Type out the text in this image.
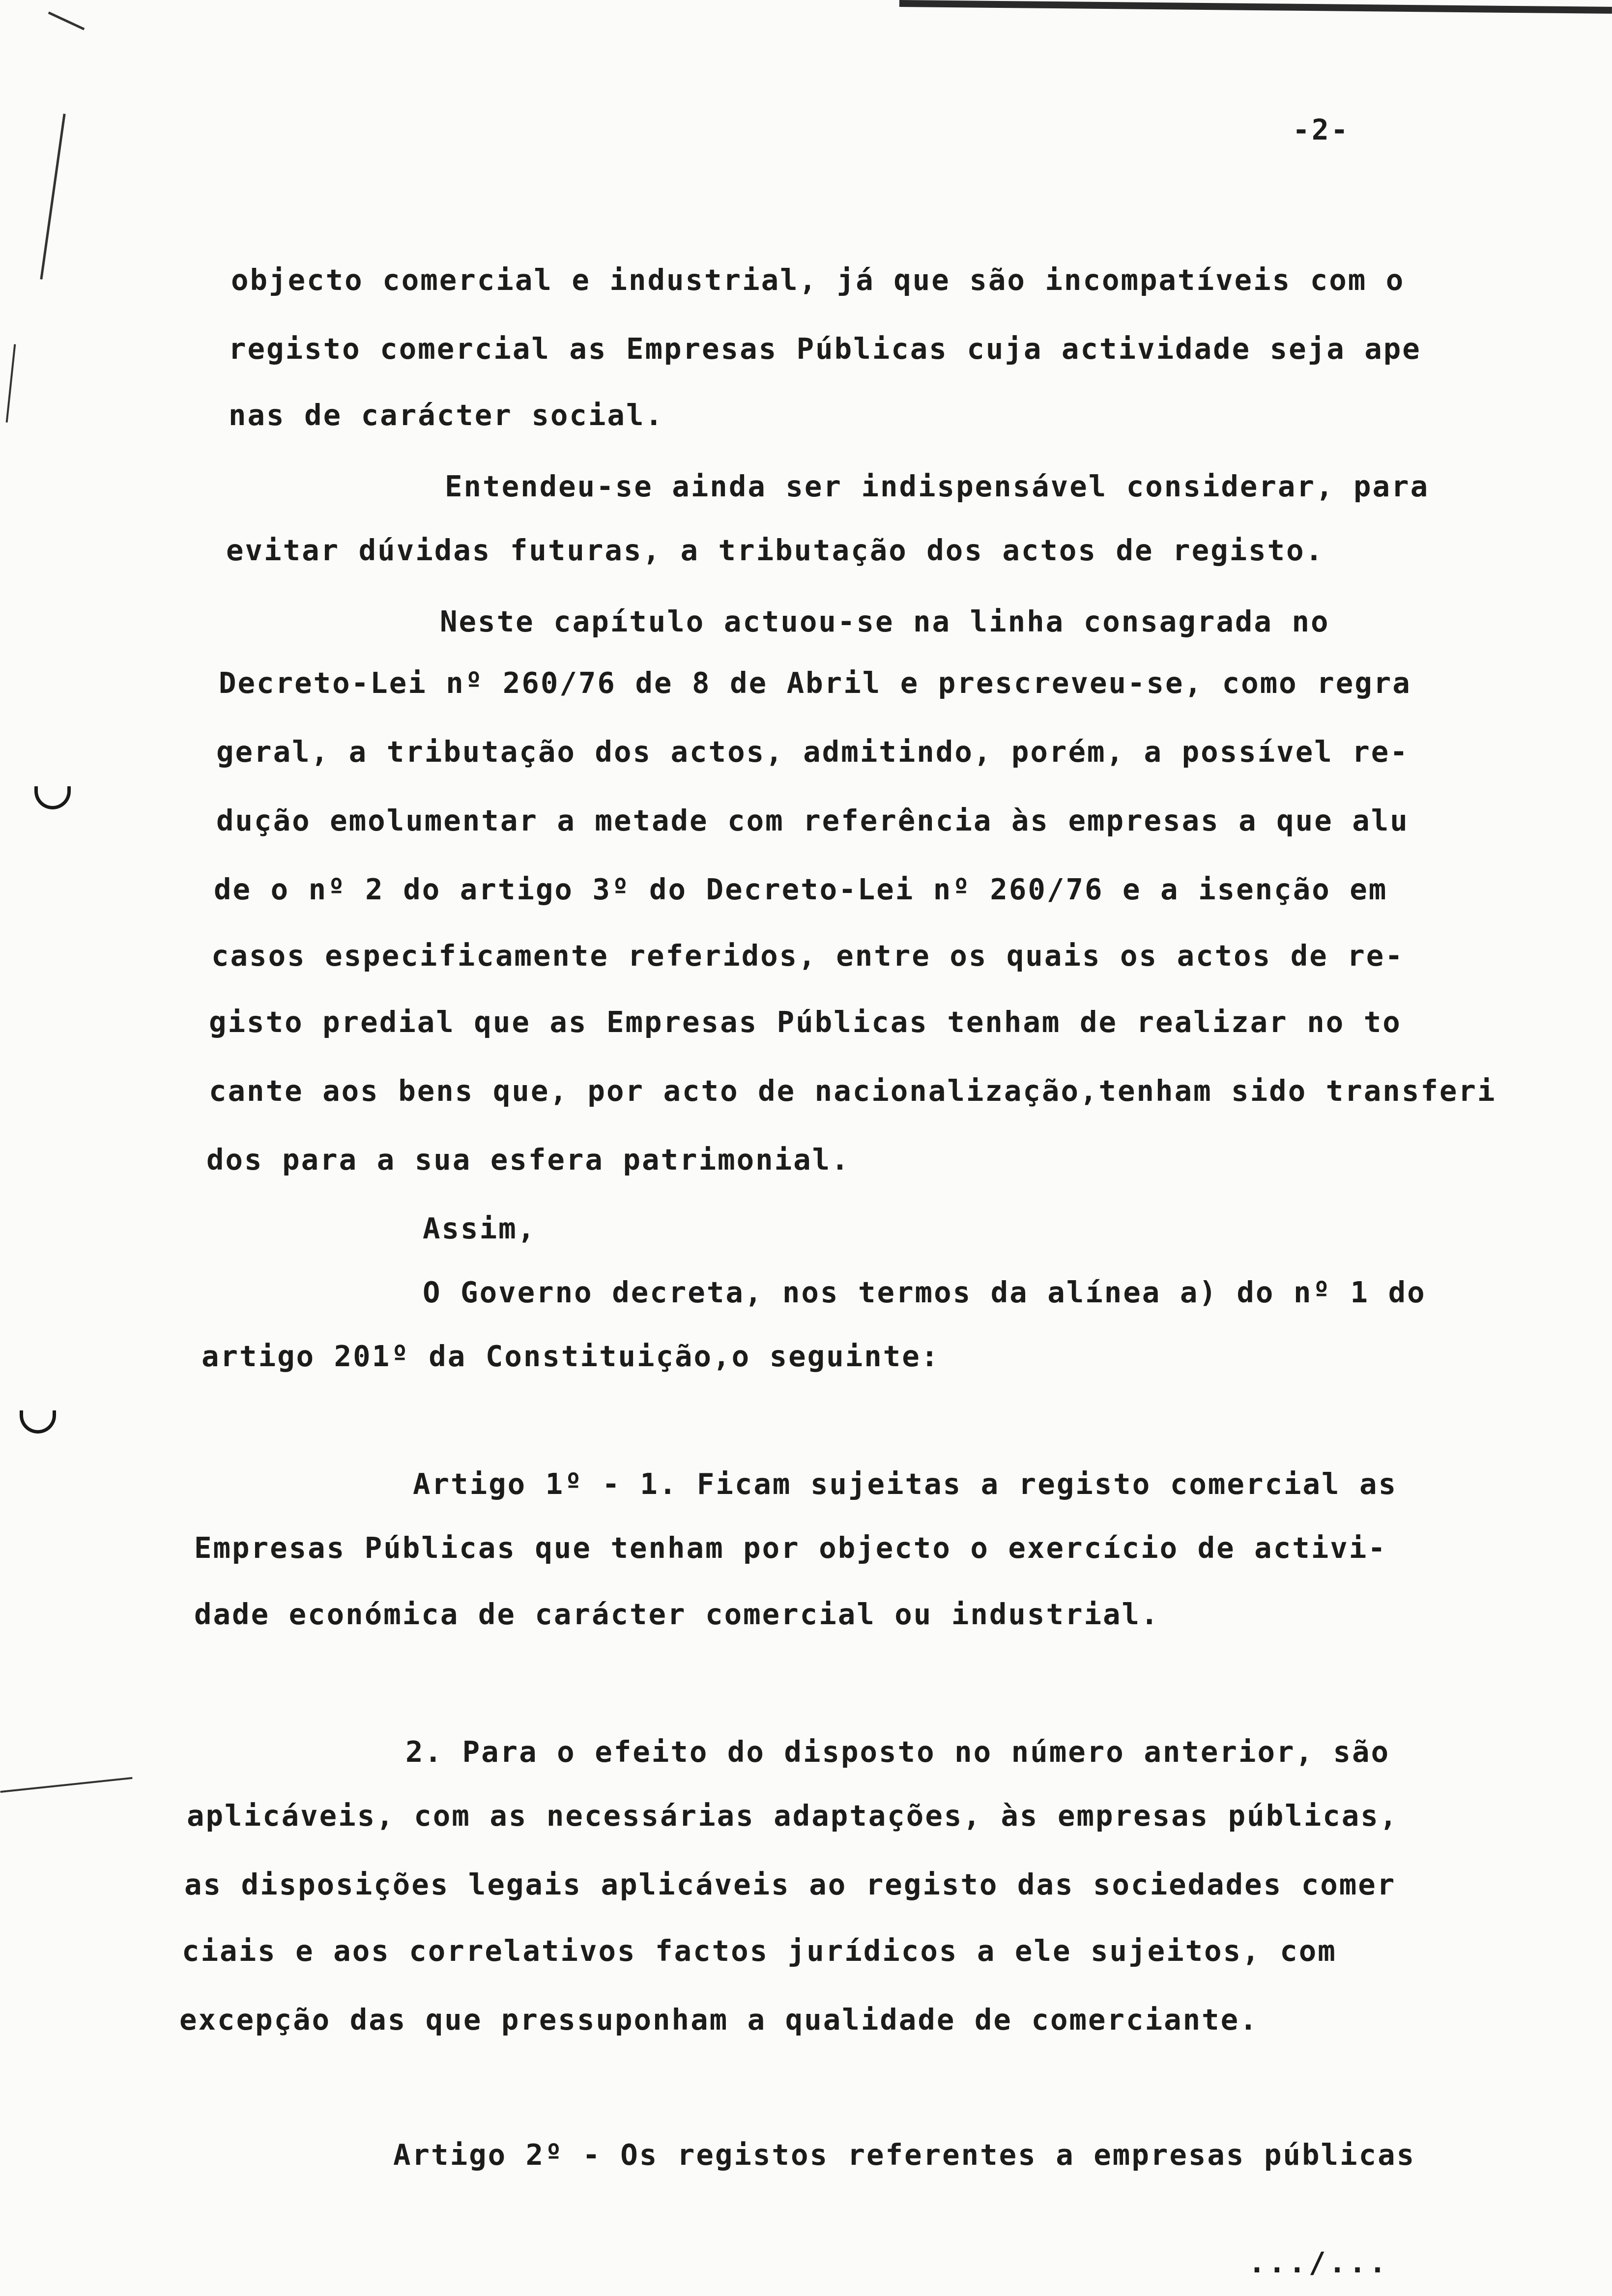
-2-
objecto comercial e industrial, já que são incompatíveis com o
registo comercial as Empresas Públicas cuja actividade seja ape
nas de carácter social.
Entendeu-se ainda ser indispensável considerar, para
evitar dúvidas futuras, a tributação dos actos de registo.
Neste capítulo actuou-se na linha consagrada no
Decreto-Lei nº 260/76 de 8 de Abril e prescreveu-se, como regra
geral, a tributação dos actos, admitindo, porém, a possível re-
dução emolumentar a metade com referência às empresas a que alu
de o nº 2 do artigo 3º do Decreto-Lei nº 260/76 e a isenção em
casos especificamente referidos, entre os quais os actos de re-
gisto predial que as Empresas Públicas tenham de realizar no to
cante aos bens que, por acto de nacionalização,tenham sido transferi
dos para a sua esfera patrimonial.
Assim,
O Governo decreta, nos termos da alínea a) do nº 1 do
artigo 201º da Constituição,o seguinte:
Artigo 1º - 1. Ficam sujeitas a registo comercial as
Empresas Públicas que tenham por objecto o exercício de activi-
dade económica de carácter comercial ou industrial.
2. Para o efeito do disposto no número anterior, são
aplicáveis, com as necessárias adaptações, às empresas públicas,
as disposições legais aplicáveis ao registo das sociedades comer
ciais e aos correlativos factos jurídicos a ele sujeitos, com
excepção das que pressuponham a qualidade de comerciante.
Artigo 2º - Os registos referentes a empresas públicas
.../...
